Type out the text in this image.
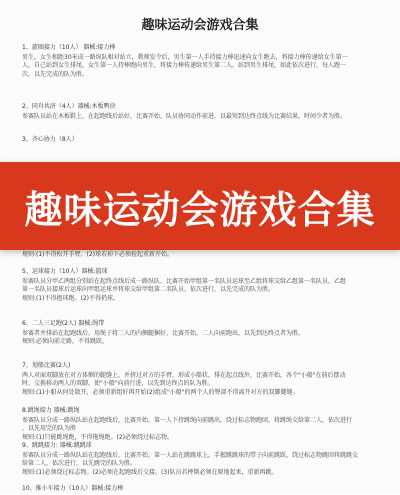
趣味运动会游戏合集
1、旋圈接力（10人） 器械:接力棒

男生，女生相距30米成一路纵队相对站立，教师发令后，男生第一人手持接力棒迅速向女生跑去，将接力棒传递给女生第一

人，自己站到女生排尾，女生第一人持棒跑向男生，将接力棒传递给男生第二人，站到男生排尾，如此依次进行，每人跑一

次，以先完成的队为胜。

2、同舟共济（4人）器械:木板鸭块

参赛队员站在木板鞋上，在起跑线后站好，比赛开始，队员协同动作前进，以最短到达终点线为比赛结果，时间少者为胜。

3、齐心协力（8人）

规则:(1)不得松开手臂。(2)球若掉下必须捡起重新开始。

5、运球接力（10人）器械:篮球

参赛队员分甲乙两组分别站在起终点线后成一路纵队，比赛开始甲组第一名队员运球至乙组将球交给乙组第一名队员，乙组

第一名队员接球后运球向甲组运球并将球交给甲组第二名队员，依次进行，以先完成的队为胜。

规则:(1)不得抱球跑。(2)不得扔球。

6、二人三足跑(2人) 器械:绳带

参赛者并排站在起跑线后，用绳子将二人的内侧腿捆好，比赛开始，二人向前跑出，以先到达终点者为胜。

规则:必须向前走路，不得跳跃。

7、划船比赛(2人)

两人对面双脚放在对方体侧的腿缝上，并挤过对方的手臂，形成小船状，排在起点线外，比赛开始，各个"小船"在前后摆动

时，交换移动两人的双脚，使"小船"向前行进，以先到达终点的队为胜。

规则:(1)小船从何处散开，必须重新组好再开始(2)组成"小船"的两个人的臀部不得离开对方的双脚腿缝。

8.跳绳接力 器械:跳绳

参赛队员分成一路纵队站在起跑线后，比赛开始，第一人下持跳绳向前跳出，绕过标志物跑回，将跳绳交给第二人，依次进行

，以先用完的队为胜

规则:(1)只能跳绳跑，不得拖绳跑。(2)必须绕过标志物。

9、跳跳接力: 器械:跳跳球

参赛队员分成一路纵队站在起跑线后，比赛开始，第一人站在跳跳球上，手握跳跳球的带子向前跳跃，绕过标志物跳回将跳跳交

给第二人，依次进行，以先跳完的队为胜。

规则:(1)必须绕过标志物。(2)必须在起跑线后交接。(3)队员若摔倒必须在原地起来，重新再跳。

10、推小车接力（10人）器械:接力棒
趣味运动会游戏合集
